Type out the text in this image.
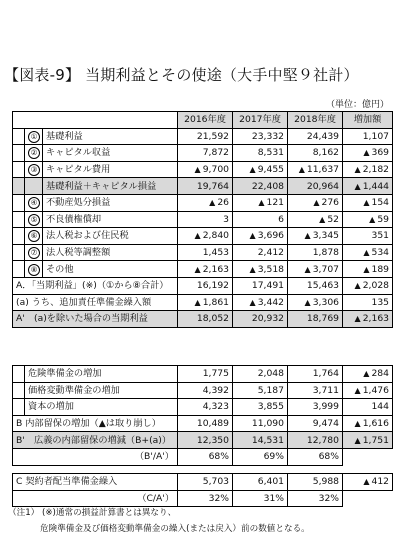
【図表-9】 当期利益とその使途（大手中堅９社計）
（単位：億円）
			2016年度	2017年度	2018年度	増加額
	①	基礎利益	21,592	23,332	24,439	1,107
	②	キャピタル収益	7,872	8,531	8,162	▲369
	③	キャピタル費用	▲9,700	▲9,455	▲11,637	▲2,182
		基礎利益＋キャピタル損益	19,764	22,408	20,964	▲1,444
	④	不動産処分損益	▲26	▲121	▲276	▲154
	⑤	不良債権償却	3	6	▲52	▲59
	⑥	法人税および住民税	▲2,840	▲3,696	▲3,345	351
	⑦	法人税等調整額	1,453	2,412	1,878	▲534
	⑧	その他	▲2,163	▲3,518	▲3,707	▲189
A．「当期利益」(※)（①から⑧合計）			16,192	17,491	15,463	▲2,028
(a) うち、追加責任準備金繰入額	▲1,861	▲3,442	▲3,306	135
A'　(a)を除いた場合の当期利益			18,052	20,932	18,769	▲2,163
	危険準備金の増加	1,775	2,048	1,764	▲284
	価格変動準備金の増加	4,392	5,187	3,711	▲1,476
	資本の増加	4,323	3,855	3,999	144
B 内部留保の増加（▲は取り崩し）		10,489	11,090	9,474	▲1,616
B'　広義の内部留保の増減（B+(a)）		12,350	14,531	12,780	▲1,751
（B'/A'）		68%	69%	68%	
C 契約者配当準備金繰入	5,703	6,401	5,988	▲412
（C/A'）	32%	31%	32%	
（注1） (※)通常の損益計算書とは異なり、
危険準備金及び価格変動準備金の繰入(または戻入）前の数値となる。
